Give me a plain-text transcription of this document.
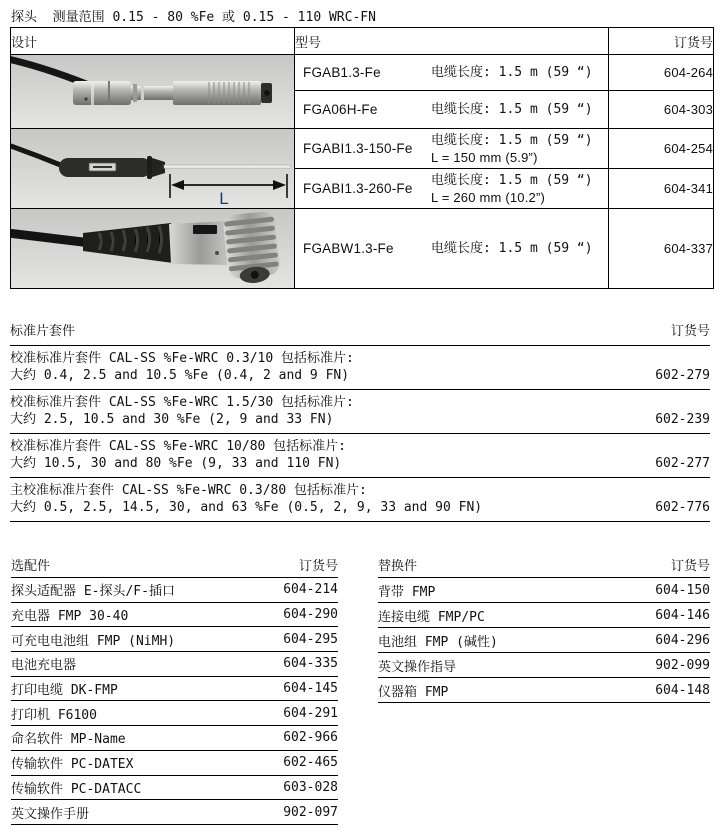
探头  测量范围 0.15 - 80 %Fe 或 0.15 - 110 WRC-FN
设计	型号	订货号

FGAB1.3-Fe 电缆长度: 1.5 m (59 “)	604-264

	FGA06H-Fe 电缆长度: 1.5 m (59 “)	604-303

L	FGABI1.3-150-Fe
电缆长度: 1.5 m (59 “)
L = 150 mm (5.9”)	604-254

	FGABI1.3-260-Fe
电缆长度: 1.5 m (59 “)
L = 260 mm (10.2”)	604-341

FGABW1.3-Fe 电缆长度: 1.5 m (59 “)	604-337
标准片套件	订货号
校准标准片套件 CAL-SS %Fe-WRC 0.3/10 包括标准片:
大约 0.4, 2.5 and 10.5 %Fe (0.4, 2 and 9 FN)	602-279
校准标准片套件 CAL-SS %Fe-WRC 1.5/30 包括标准片:
大约 2.5, 10.5 and 30 %Fe (2, 9 and 33 FN)	602-239
校准标准片套件 CAL-SS %Fe-WRC 10/80 包括标准片:
大约 10.5, 30 and 80 %Fe (9, 33 and 110 FN)	602-277
主校准标准片套件 CAL-SS %Fe-WRC 0.3/80 包括标准片:
大约 0.5, 2.5, 14.5, 30, and 63 %Fe (0.5, 2, 9, 33 and 90 FN)	602-776
选配件	订货号
探头适配器 E-探头/F-插口	604-214
充电器 FMP 30-40	604-290
可充电电池组 FMP (NiMH)	604-295
电池充电器	604-335
打印电缆 DK-FMP	604-145
打印机 F6100	604-291
命名软件 MP-Name	602-966
传输软件 PC-DATEX	602-465
传输软件 PC-DATACC	603-028
英文操作手册	902-097
替换件	订货号
背带 FMP	604-150
连接电缆 FMP/PC	604-146
电池组 FMP (碱性)	604-296
英文操作指导	902-099
仪器箱 FMP	604-148
